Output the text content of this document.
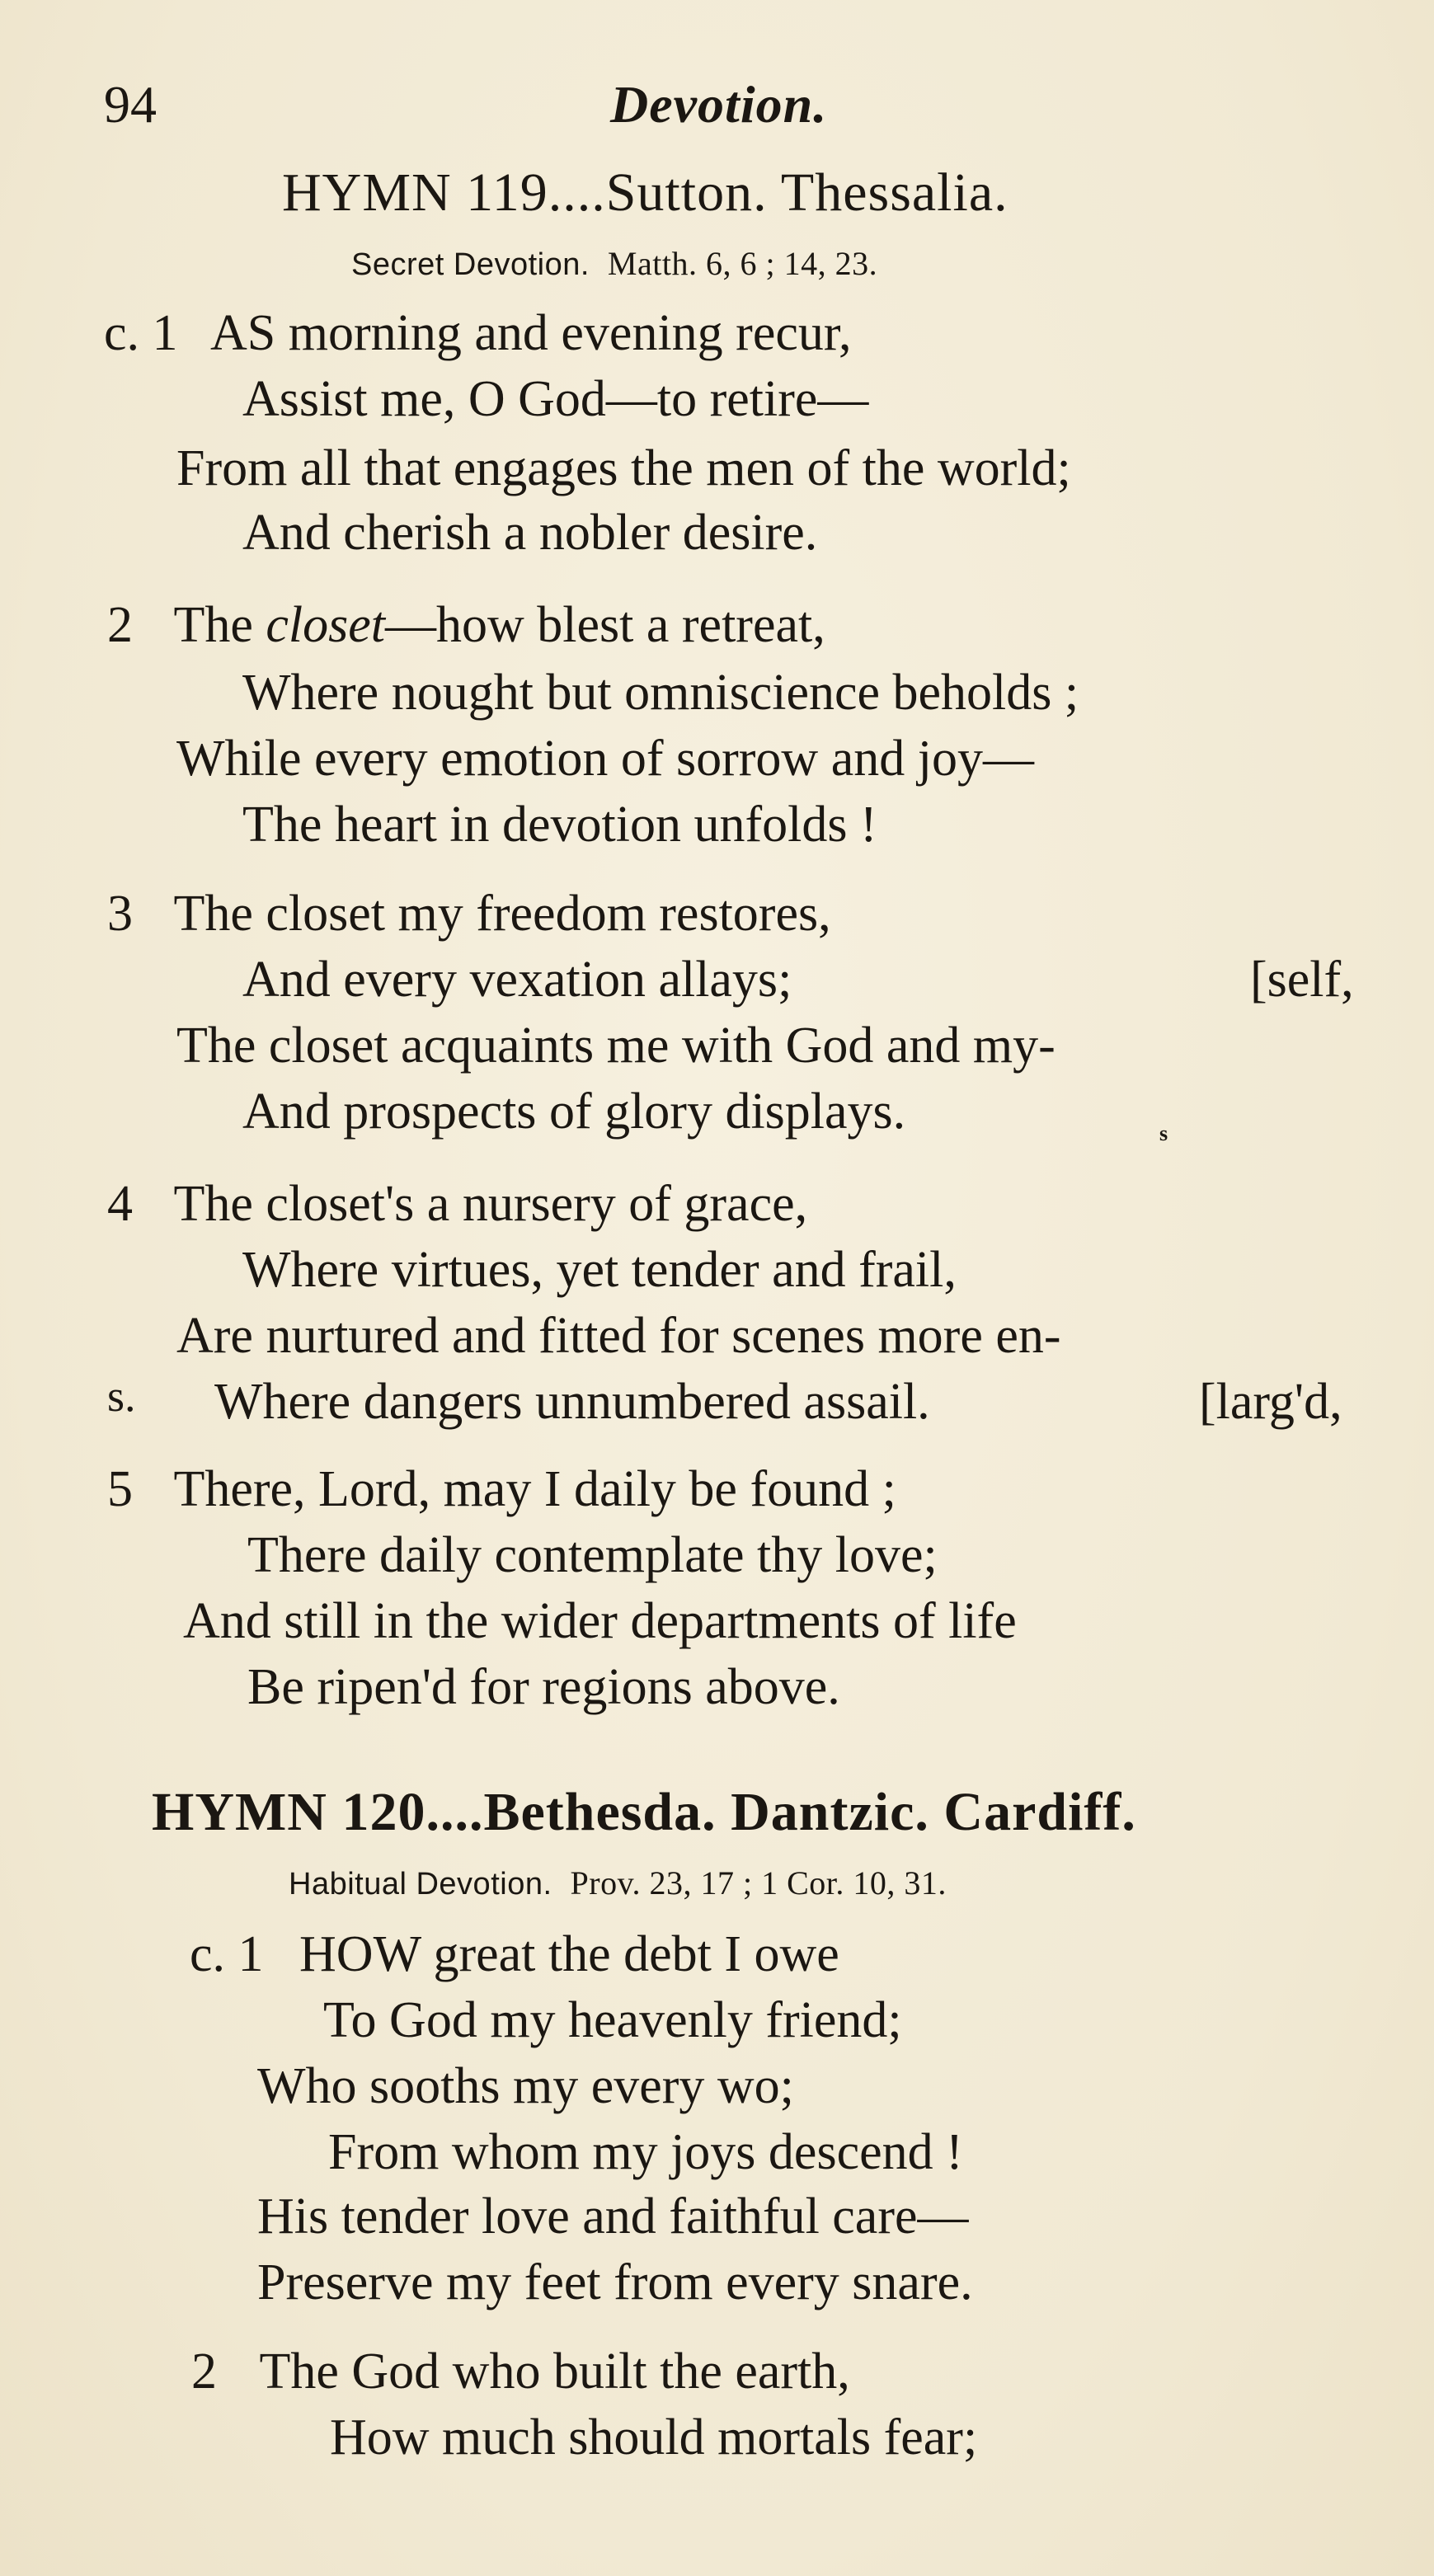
94	Devotion.
HYMN 119....Sutton. Thessalia.
Secret Devotion. Matth. 6, 6 ; 14, 23.
c. 1 AS morning and evening recur,
Assist me, O God—to retire—
From all that engages the men of the world;
And cherish a nobler desire.
2 The closet—how blest a retreat,
Where nought but omniscience beholds ;
While every emotion of sorrow and joy—
The heart in devotion unfolds !
3 The closet my freedom restores,
And every vexation allays;	[self,
The closet acquaints me with God and my-
And prospects of glory displays.	s
4 The closet's a nursery of grace,
Where virtues, yet tender and frail,
Are nurtured and fitted for scenes more en-
s. Where dangers unnumbered assail.	[larg'd,
5 There, Lord, may I daily be found ;
There daily contemplate thy love;
And still in the wider departments of life
Be ripen'd for regions above.
HYMN 120....Bethesda. Dantzic. Cardiff.
Habitual Devotion. Prov. 23, 17 ; 1 Cor. 10, 31.
c. 1 HOW great the debt I owe
To God my heavenly friend;
Who sooths my every wo;
From whom my joys descend !
His tender love and faithful care—
Preserve my feet from every snare.
2 The God who built the earth,
How much should mortals fear;
